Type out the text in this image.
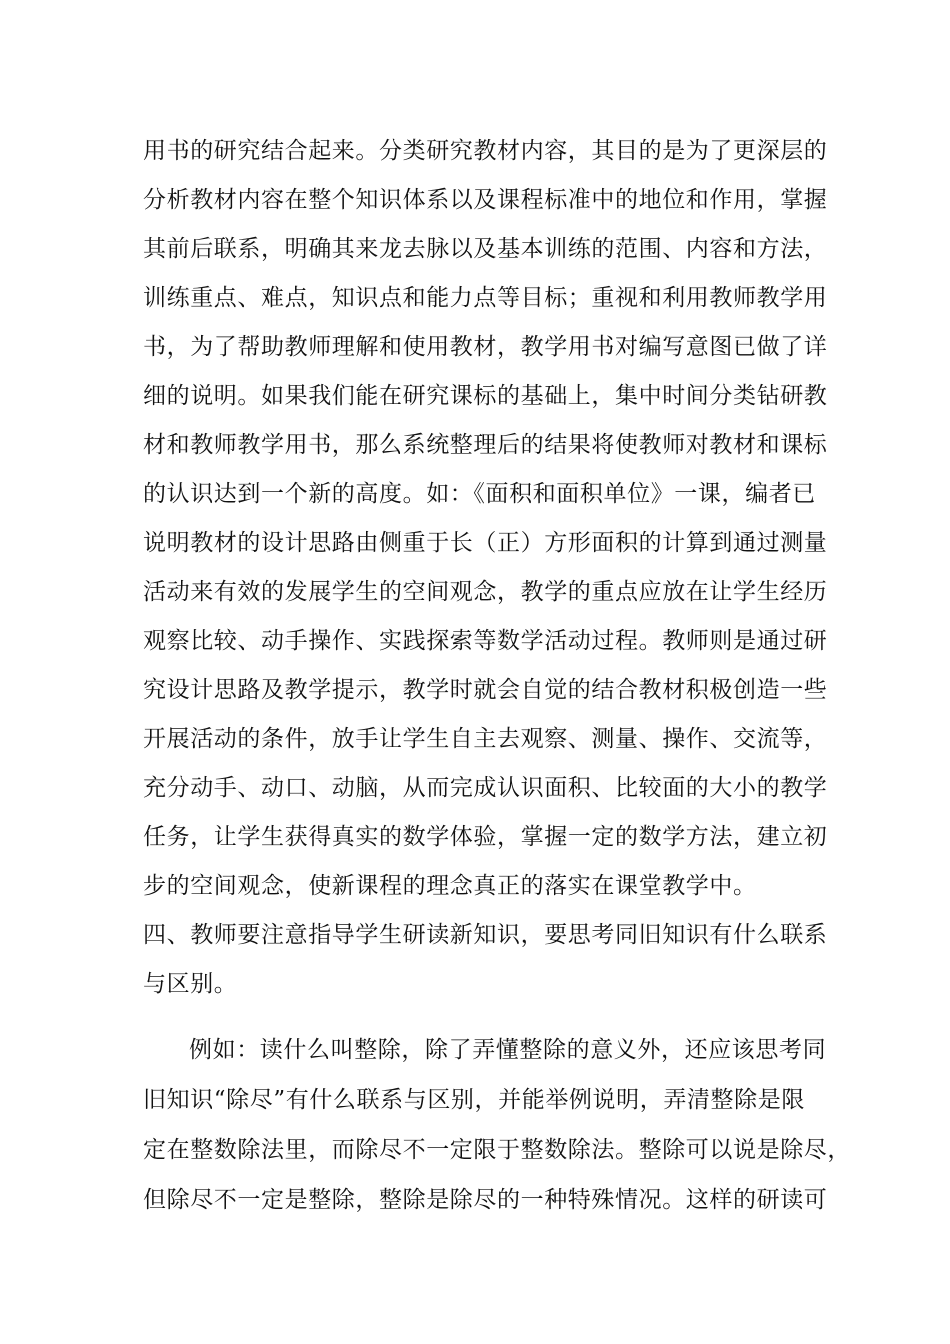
用书的研究结合起来。分类研究教材内容，其目的是为了更深层的
分析教材内容在整个知识体系以及课程标准中的地位和作用，掌握
其前后联系，明确其来龙去脉以及基本训练的范围、内容和方法，
训练重点、难点，知识点和能力点等目标；重视和利用教师教学用
书，为了帮助教师理解和使用教材，教学用书对编写意图已做了详
细的说明。如果我们能在研究课标的基础上，集中时间分类钻研教
材和教师教学用书，那么系统整理后的结果将使教师对教材和课标
的认识达到一个新的高度。如：《面积和面积单位》一课，编者已
说明教材的设计思路由侧重于长（正）方形面积的计算到通过测量
活动来有效的发展学生的空间观念，教学的重点应放在让学生经历
观察比较、动手操作、实践探索等数学活动过程。教师则是通过研
究设计思路及教学提示，教学时就会自觉的结合教材积极创造一些
开展活动的条件，放手让学生自主去观察、测量、操作、交流等，
充分动手、动口、动脑，从而完成认识面积、比较面的大小的教学
任务，让学生获得真实的数学体验，掌握一定的数学方法，建立初
步的空间观念，使新课程的理念真正的落实在课堂教学中。
四、教师要注意指导学生研读新知识，要思考同旧知识有什么联系
与区别。
例如：读什么叫整除，除了弄懂整除的意义外，还应该思考同
旧知识“除尽”有什么联系与区别，并能举例说明，弄清整除是限
定在整数除法里，而除尽不一定限于整数除法。整除可以说是除尽，
但除尽不一定是整除，整除是除尽的一种特殊情况。这样的研读可
